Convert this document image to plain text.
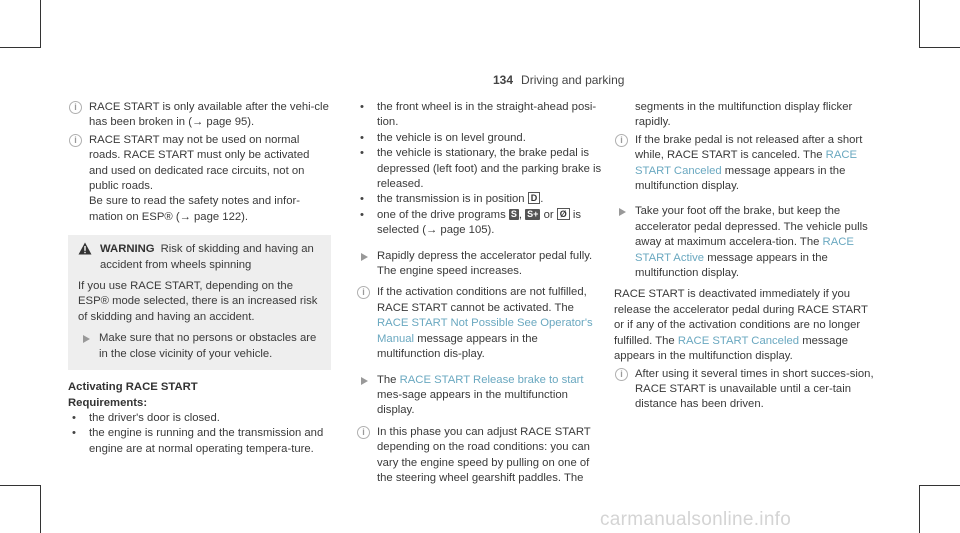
134 Driving and parking
i	RACE START is only available after the vehi-cle has been broken in (→ page 95).

i	RACE START may not be used on normal

roads. RACE START must only be activated

and used on dedicated race circuits, not on

public roads.

Be sure to read the safety notes and infor-mation on ESP® (→ page 122).

WARNING Risk of skidding and having an accident from wheels spinning

If you use RACE START, depending on the ESP® mode selected, there is an increased risk of skidding and having an accident.

Make sure that no persons or obstacles are in the close vicinity of your vehicle.
Activating RACE START
Requirements:
• the driver's door is closed.
• the engine is running and the transmission and engine are at normal operating tempera-ture.
• the front wheel is in the straight-ahead posi-tion.
• the vehicle is on level ground.
• the vehicle is stationary, the brake pedal is depressed (left foot) and the parking brake is released.
• the transmission is in position D .
• one of the drive programs S , S+ or Ø is selected (→ page 105).
Rapidly depress the accelerator pedal fully. The engine speed increases.
i	If the activation conditions are not fulfilled, RACE START cannot be activated. The RACE START Not Possible See Operator's Manual message appears in the multifunction dis-play.
The RACE START Release brake to start mes-sage appears in the multifunction display.
i	In this phase you can adjust RACE START depending on the road conditions: you can vary the engine speed by pulling on one of the steering wheel gearshift paddles. The
segments in the multifunction display flicker rapidly.
i	If the brake pedal is not released after a short while, RACE START is canceled. The RACE START Canceled message appears in the multifunction display.
Take your foot off the brake, but keep the accelerator pedal depressed. The vehicle pulls away at maximum accelera-tion. The RACE START Active message appears in the multifunction display.
RACE START is deactivated immediately if you release the accelerator pedal during RACE START or if any of the activation conditions are no longer fulfilled. The RACE START Canceled message appears in the multifunction display.
i	After using it several times in short succes-sion, RACE START is unavailable until a cer-tain distance has been driven.
carmanualsonline.info
